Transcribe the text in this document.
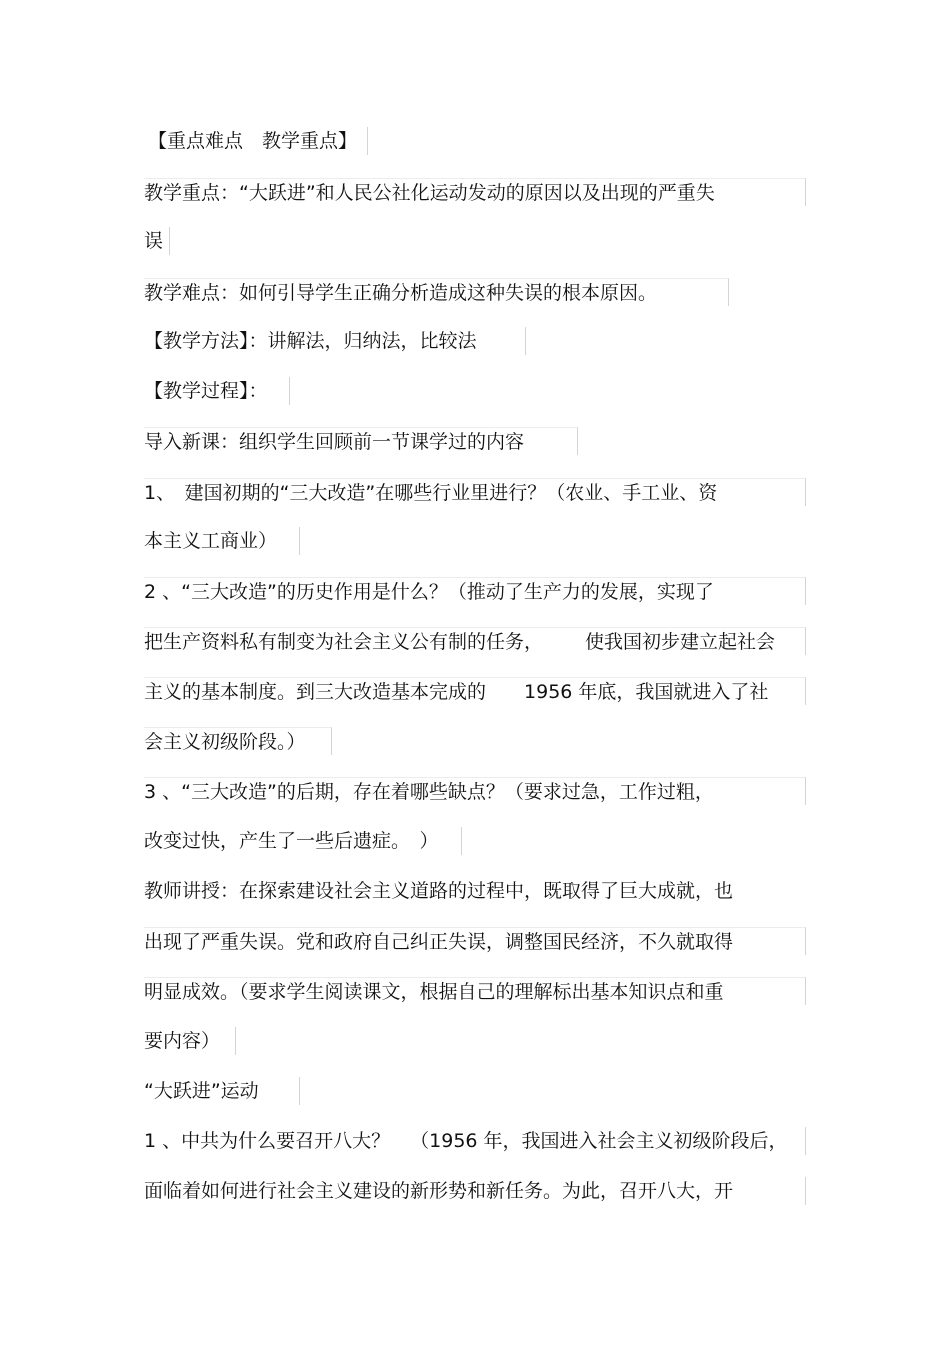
【重点难点　教学重点】
教学重点：“大跃进”和人民公社化运动发动的原因以及出现的严重失
误
教学难点：如何引导学生正确分析造成这种失误的根本原因。
【教学方法】：讲解法，归纳法，比较法
【教学过程】：
导入新课：组织学生回顾前一节课学过的内容
1、　建国初期的“三大改造”在哪些行业里进行？（农业、手工业、资
本主义工商业）
2 、“三大改造”的历史作用是什么？（推动了生产力的发展，实现了
把生产资料私有制变为社会主义公有制的任务， 使我国初步建立起社会
主义的基本制度。到三大改造基本完成的 1956 年底，我国就进入了社
会主义初级阶段。）
3 、“三大改造”的后期，存在着哪些缺点？（要求过急，工作过粗，
改变过快，产生了一些后遗症。　）
教师讲授：在探索建设社会主义道路的过程中，既取得了巨大成就，也
出现了严重失误。党和政府自己纠正失误，调整国民经济，不久就取得
明显成效。（要求学生阅读课文，根据自己的理解标出基本知识点和重
要内容）
“大跃进”运动
1 、中共为什么要召开八大？ （1956 年，我国进入社会主义初级阶段后，
面临着如何进行社会主义建设的新形势和新任务。为此，召开八大，开
